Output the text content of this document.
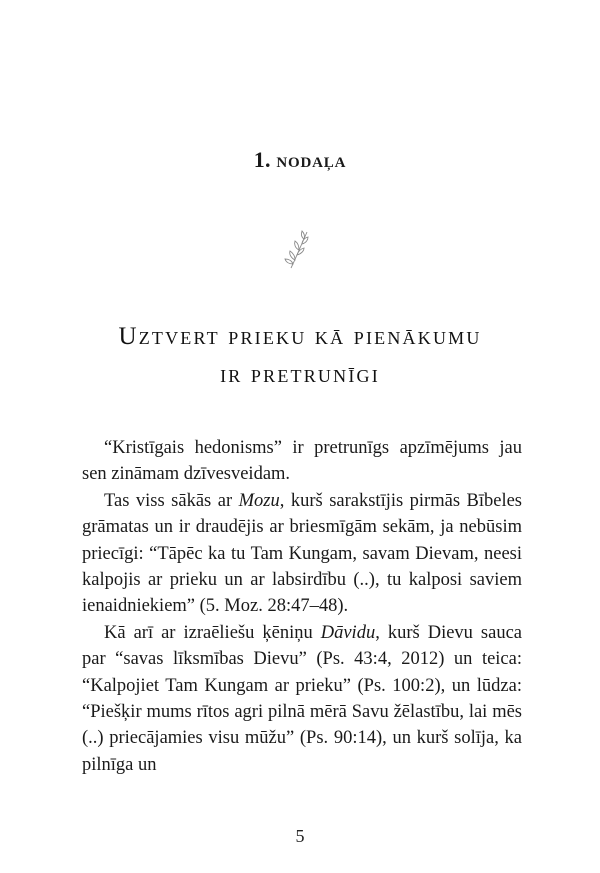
1. NODAĻA
Uztvert prieku kā pienākumu
ir pretrunīgi

“Kristīgais hedonisms” ir pretrunīgs apzīmējums jau sen zināmam dzīvesveidam.

Tas viss sākās ar Mozu, kurš sarakstījis pirmās Bībeles grāmatas un ir draudējis ar briesmīgām sekām, ja nebūsim priecīgi: “Tāpēc ka tu Tam Kungam, savam Dievam, neesi kalpojis ar prieku un ar labsirdību (..), tu kalposi saviem ienaidniekiem” (5. Moz. 28:47–48).

Kā arī ar izraēliešu ķēniņu Dāvidu, kurš Dievu sauca par “savas līksmības Dievu” (Ps. 43:4, 2012) un teica: “Kalpojiet Tam Kungam ar prieku” (Ps. 100:2), un lūdza: “Piešķir mums rītos agri pilnā mērā Savu žēlastību, lai mēs (..) priecājamies visu mūžu” (Ps. 90:14), un kurš solīja, ka pilnīga un

5
